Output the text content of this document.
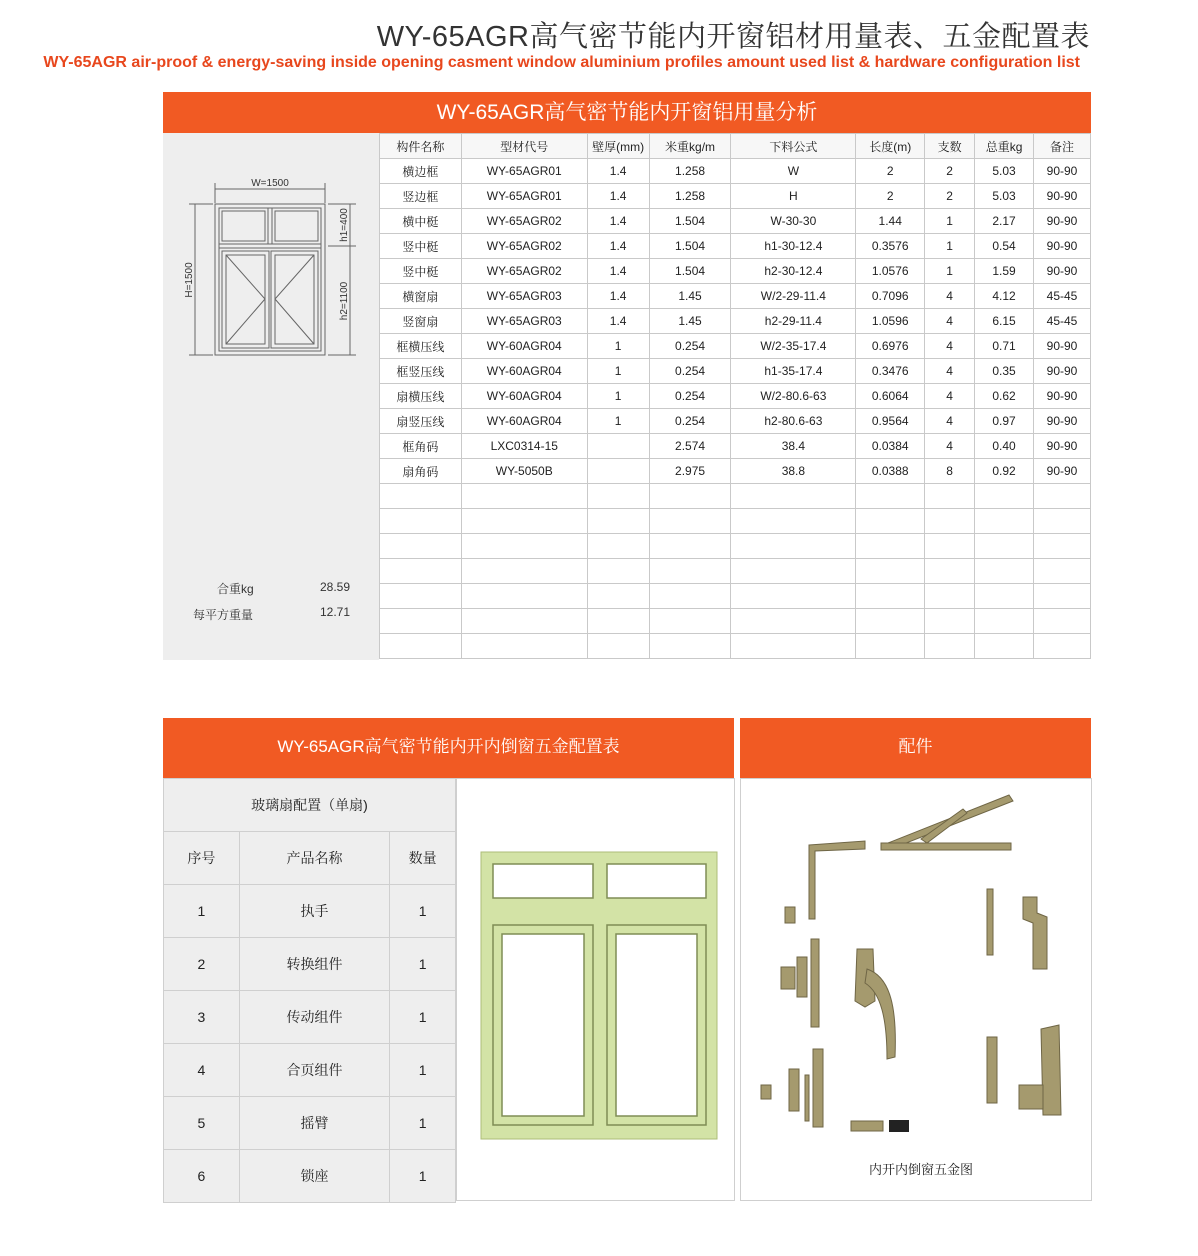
WY-65AGR高气密节能内开窗铝材用量表、五金配置表
WY-65AGR air-proof & energy-saving inside opening casment window aluminium profiles amount used list & hardware configuration list
WY-65AGR高气密节能内开窗铝用量分析
W=1500
H=1500
h1=400
h2=1100
合重kg	28.59
每平方重量	12.71
构件名称	型材代号	壁厚(mm)	米重kg/m	下料公式	长度(m)	支数	总重kg	备注
横边框	WY-65AGR01	1.4	1.258	W	2	2	5.03	90-90
竖边框	WY-65AGR01	1.4	1.258	H	2	2	5.03	90-90
横中梃	WY-65AGR02	1.4	1.504	W-30-30	1.44	1	2.17	90-90
竖中梃	WY-65AGR02	1.4	1.504	h1-30-12.4	0.3576	1	0.54	90-90
竖中梃	WY-65AGR02	1.4	1.504	h2-30-12.4	1.0576	1	1.59	90-90
横窗扇	WY-65AGR03	1.4	1.45	W/2-29-11.4	0.7096	4	4.12	45-45
竖窗扇	WY-65AGR03	1.4	1.45	h2-29-11.4	1.0596	4	6.15	45-45
框横压线	WY-60AGR04	1	0.254	W/2-35-17.4	0.6976	4	0.71	90-90
框竖压线	WY-60AGR04	1	0.254	h1-35-17.4	0.3476	4	0.35	90-90
扇横压线	WY-60AGR04	1	0.254	W/2-80.6-63	0.6064	4	0.62	90-90
扇竖压线	WY-60AGR04	1	0.254	h2-80.6-63	0.9564	4	0.97	90-90
框角码	LXC0314-15		2.574	38.4	0.0384	4	0.40	90-90
扇角码	WY-5050B		2.975	38.8	0.0388	8	0.92	90-90

WY-65AGR高气密节能内开内倒窗五金配置表
玻璃扇配置（单扇)		
序号	产品名称	数量
1	执手	1
2	转换组件	1
3	传动组件	1
4	合页组件	1
5	摇臂	1
6	锁座	1
配件
内开内倒窗五金图
